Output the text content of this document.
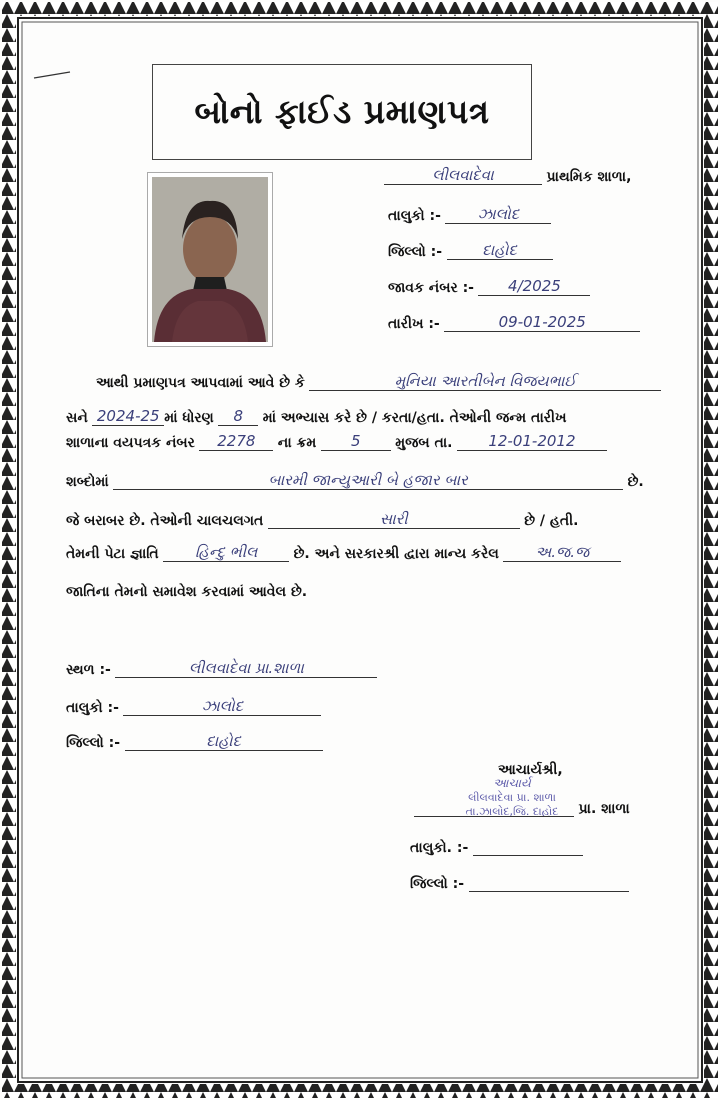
બોનો ફાઈડ પ્રમાણપત્ર
લીલવાદેવા	પ્રાથમિક શાળા,
તાલુકો :- ઝાલોદ
જિલ્લો :-	દાહોદ
જાવક નંબર :- 4/2025
તારીખ :-	09-01-2025
આથી પ્રમાણપત્ર આપવામાં આવે છે કે	મુનિયા આરતીબેન વિજયભાઈ
સને 2024-25 માં ધોરણ 8 માં અભ્યાસ કરે છે / કરતા/હતા. તેઓની જન્મ તારીખ
શાળાના વયપત્રક નંબર 2278 ના ક્રમ 5 મુજબ તા. 12-01-2012
શબ્દોમાં	બારમી જાન્યુઆરી બે હજાર બાર	છે.
જે બરાબર છે. તેઓની ચાલચલગત	સારી	છે / હતી.
તેમની પેટા જ્ઞાતિ હિન્દુ ભીલ	છે. અને સરકારશ્રી દ્વારા માન્ય કરેલ અ.જ.જ
જાતિના તેમનો સમાવેશ કરવામાં આવેલ છે.
સ્થળ :-	લીલવાદેવા પ્રા.શાળા
તાલુકો :-	ઝાલોદ
જિલ્લો :-	દાહોદ
આચાર્યશ્રી,
આચાર્ય
લીલવાદેવા પ્રા. શાળા
તા.ઝાલોદ,જિ. દાહોદ	પ્રા. શાળા
તાલુકો. :-
જિલ્લો :-
